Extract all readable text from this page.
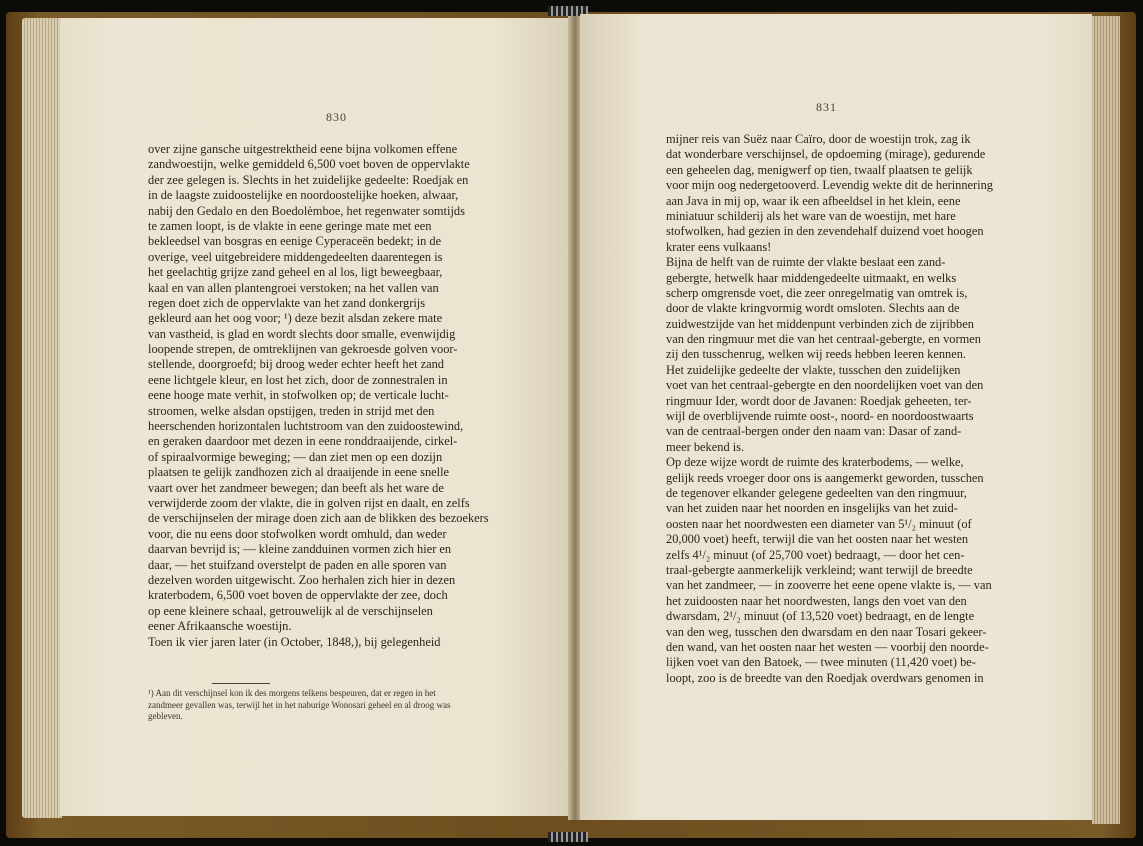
830
over zijne gansche uitgestrektheid eene bijna volkomen effene
zandwoestijn, welke gemiddeld 6,500 voet boven de oppervlakte
der zee gelegen is. Slechts in het zuidelijke gedeelte: Roedjak en
in de laagste zuidoostelijke en noordoostelijke hoeken, alwaar,
nabij den Gedalo en den Boedolèmboe, het regenwater somtijds
te zamen loopt, is de vlakte in eene geringe mate met een
bekleedsel van bosgras en eenige Cyperaceën bedekt; in de
overige, veel uitgebreidere middengedeelten daarentegen is
het geelachtig grijze zand geheel en al los, ligt beweegbaar,
kaal en van allen plantengroei verstoken; na het vallen van
regen doet zich de oppervlakte van het zand donkergrijs
gekleurd aan het oog voor; ¹) deze bezit alsdan zekere mate
van vastheid, is glad en wordt slechts door smalle, evenwijdig
loopende strepen, de omtreklijnen van gekroesde golven voor-
stellende, doorgroefd; bij droog weder echter heeft het zand
eene lichtgele kleur, en lost het zich, door de zonnestralen in
eene hooge mate verhit, in stofwolken op; de verticale lucht-
stroomen, welke alsdan opstijgen, treden in strijd met den
heerschenden horizontalen luchtstroom van den zuidoostewind,
en geraken daardoor met dezen in eene ronddraaijende, cirkel-
of spiraalvormige beweging; — dan ziet men op een dozijn
plaatsen te gelijk zandhozen zich al draaijende in eene snelle
vaart over het zandmeer bewegen; dan beeft als het ware de
verwijderde zoom der vlakte, die in golven rijst en daalt, en zelfs
de verschijnselen der mirage doen zich aan de blikken des bezoekers
voor, die nu eens door stofwolken wordt omhuld, dan weder
daarvan bevrijd is; — kleine zandduinen vormen zich hier en
daar, — het stuifzand overstelpt de paden en alle sporen van
dezelven worden uitgewischt. Zoo herhalen zich hier in dezen
kraterbodem, 6,500 voet boven de oppervlakte der zee, doch
op eene kleinere schaal, getrouwelijk al de verschijnselen
eener Afrikaansche woestijn.
Toen ik vier jaren later (in October, 1848,), bij gelegenheid
¹) Aan dit verschijnsel kon ik des morgens telkens bespeuren, dat er regen in het
zandmeer gevallen was, terwijl het in het naburige Wonosari geheel en al droog was
gebleven.
831
mijner reis van Suëz naar Caïro, door de woestijn trok, zag ik
dat wonderbare verschijnsel, de opdoeming (mirage), gedurende
een geheelen dag, menigwerf op tien, twaalf plaatsen te gelijk
voor mijn oog nedergetooverd. Levendig wekte dit de herinnering
aan Java in mij op, waar ik een afbeeldsel in het klein, eene
miniatuur schilderij als het ware van de woestijn, met hare
stofwolken, had gezien in den zevendehalf duizend voet hoogen
krater eens vulkaans!
Bijna de helft van de ruimte der vlakte beslaat een zand-
gebergte, hetwelk haar middengedeelte uitmaakt, en welks
scherp omgrensde voet, die zeer onregelmatig van omtrek is,
door de vlakte kringvormig wordt omsloten. Slechts aan de
zuidwestzijde van het middenpunt verbinden zich de zijribben
van den ringmuur met die van het centraal-gebergte, en vormen
zij den tusschenrug, welken wij reeds hebben leeren kennen.
Het zuidelijke gedeelte der vlakte, tusschen den zuidelijken
voet van het centraal-gebergte en den noordelijken voet van den
ringmuur Ider, wordt door de Javanen: Roedjak geheeten, ter-
wijl de overblijvende ruimte oost-, noord- en noordoostwaarts
van de centraal-bergen onder den naam van: Dasar of zand-
meer bekend is.
Op deze wijze wordt de ruimte des kraterbodems, — welke,
gelijk reeds vroeger door ons is aangemerkt geworden, tusschen
de tegenover elkander gelegene gedeelten van den ringmuur,
van het zuiden naar het noorden en insgelijks van het zuid-
oosten naar het noordwesten een diameter van 5¹/₂ minuut (of
20,000 voet) heeft, terwijl die van het oosten naar het westen
zelfs 4¹/₂ minuut (of 25,700 voet) bedraagt, — door het cen-
traal-gebergte aanmerkelijk verkleind; want terwijl de breedte
van het zandmeer, — in zooverre het eene opene vlakte is, — van
het zuidoosten naar het noordwesten, langs den voet van den
dwarsdam, 2¹/₂ minuut (of 13,520 voet) bedraagt, en de lengte
van den weg, tusschen den dwarsdam en den naar Tosari gekeer-
den wand, van het oosten naar het westen — voorbij den noorde-
lijken voet van den Batoek, — twee minuten (11,420 voet) be-
loopt, zoo is de breedte van den Roedjak overdwars genomen in
